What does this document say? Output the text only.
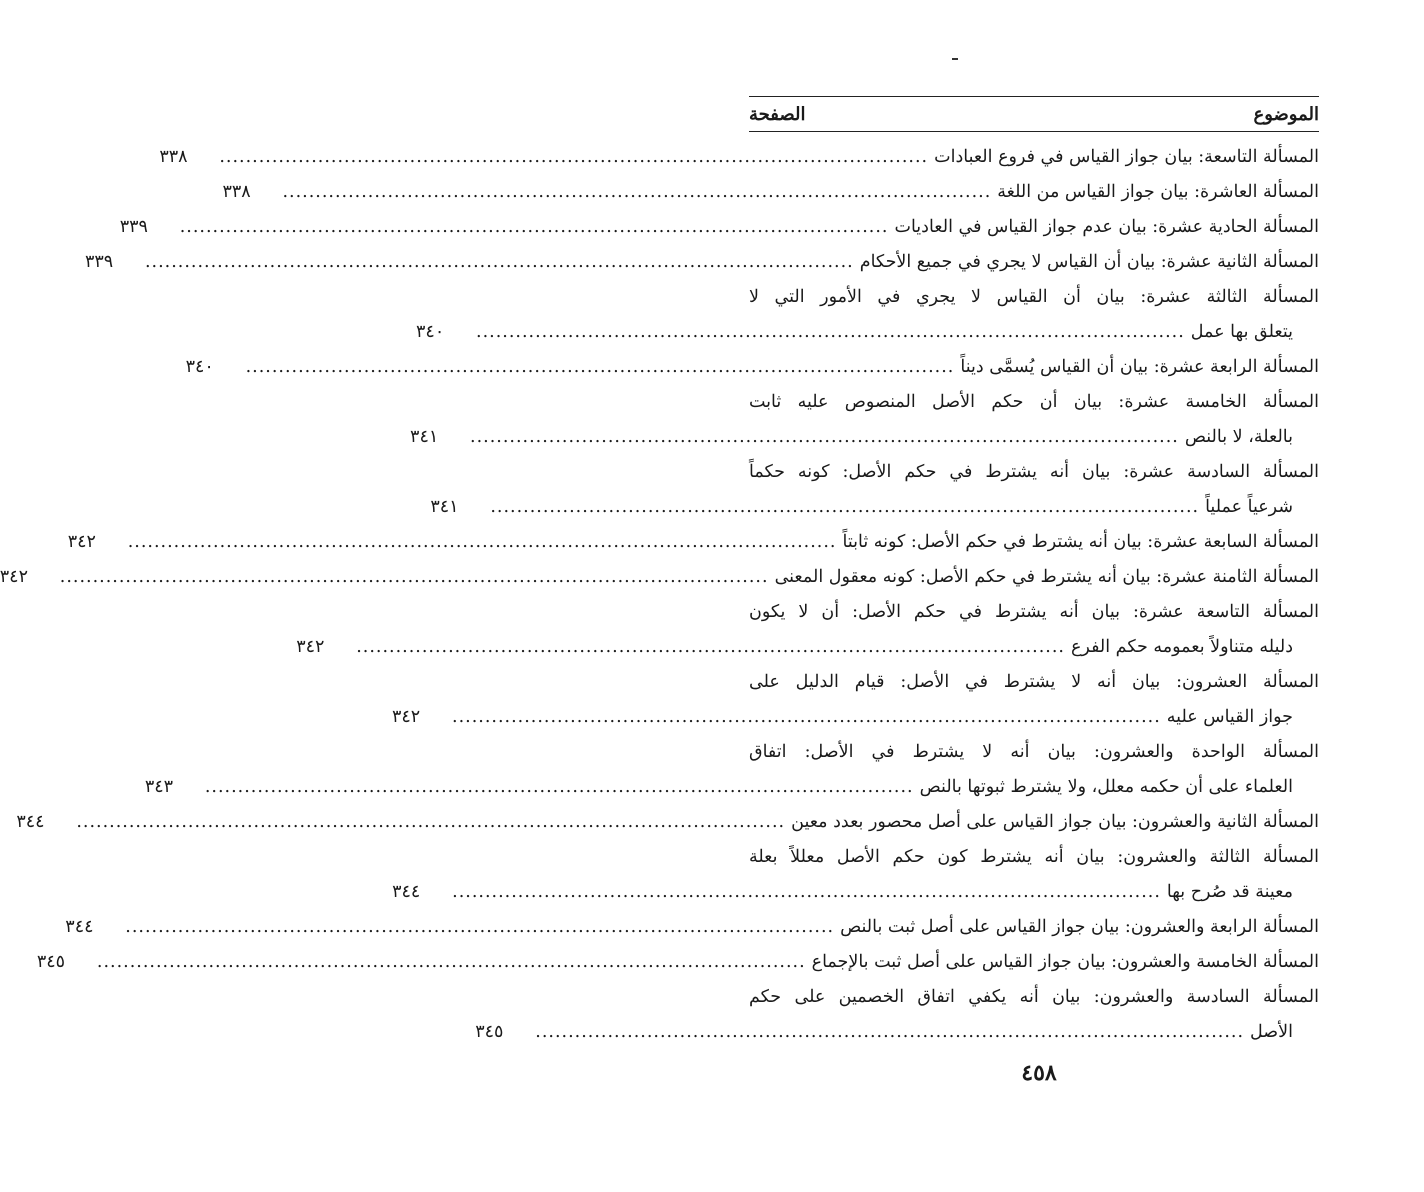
الموضوع
الصفحة
المسألة التاسعة: بيان جواز القياس في فروع العبادات
............................................................................................................
٣٣٨
المسألة العاشرة: بيان جواز القياس من اللغة
............................................................................................................
٣٣٨
المسألة الحادية عشرة: بيان عدم جواز القياس في العاديات
............................................................................................................
٣٣٩
المسألة الثانية عشرة: بيان أن القياس لا يجري في جميع الأحكام
............................................................................................................
٣٣٩
المسألة الثالثة عشرة: بيان أن القياس لا يجري في الأمور التي لا
يتعلق بها عمل
............................................................................................................
٣٤٠
المسألة الرابعة عشرة: بيان أن القياس يُسمَّى ديناً
............................................................................................................
٣٤٠
المسألة الخامسة عشرة: بيان أن حكم الأصل المنصوص عليه ثابت
بالعلة، لا بالنص
............................................................................................................
٣٤١
المسألة السادسة عشرة: بيان أنه يشترط في حكم الأصل: كونه حكماً
شرعياً عملياً
............................................................................................................
٣٤١
المسألة السابعة عشرة: بيان أنه يشترط في حكم الأصل: كونه ثابتاً
............................................................................................................
٣٤٢
المسألة الثامنة عشرة: بيان أنه يشترط في حكم الأصل: كونه معقول المعنى
............................................................................................................
٣٤٢
المسألة التاسعة عشرة: بيان أنه يشترط في حكم الأصل: أن لا يكون
دليله متناولاً بعمومه حكم الفرع
............................................................................................................
٣٤٢
المسألة العشرون: بيان أنه لا يشترط في الأصل: قيام الدليل على
جواز القياس عليه
............................................................................................................
٣٤٢
المسألة الواحدة والعشرون: بيان أنه لا يشترط في الأصل: اتفاق
العلماء على أن حكمه معلل، ولا يشترط ثبوتها بالنص
............................................................................................................
٣٤٣
المسألة الثانية والعشرون: بيان جواز القياس على أصل محصور بعدد معين
............................................................................................................
٣٤٤
المسألة الثالثة والعشرون: بيان أنه يشترط كون حكم الأصل معللاً بعلة
معينة قد صُرح بها
............................................................................................................
٣٤٤
المسألة الرابعة والعشرون: بيان جواز القياس على أصل ثبت بالنص
............................................................................................................
٣٤٤
المسألة الخامسة والعشرون: بيان جواز القياس على أصل ثبت بالإجماع
............................................................................................................
٣٤٥
المسألة السادسة والعشرون: بيان أنه يكفي اتفاق الخصمين على حكم
الأصل
............................................................................................................
٣٤٥
٤٥٨
